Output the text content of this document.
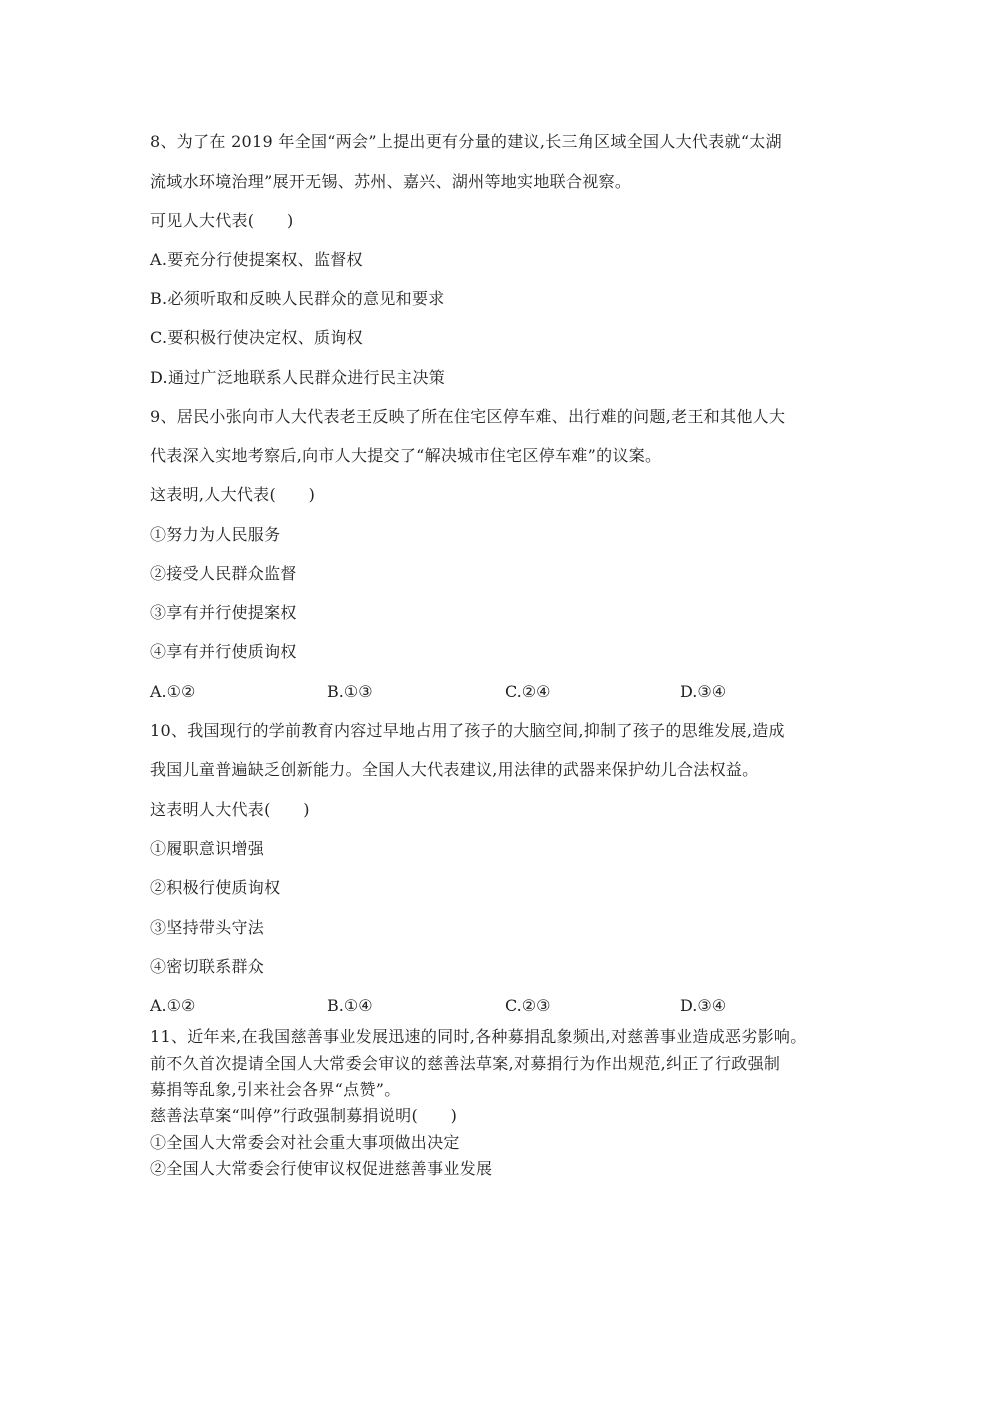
8、为了在 2019 年全国“两会”上提出更有分量的建议,长三角区域全国人大代表就“太湖
流域水环境治理”展开无锡、苏州、嘉兴、湖州等地实地联合视察。
可见人大代表(　　)
A.要充分行使提案权、监督权
B.必须听取和反映人民群众的意见和要求
C.要积极行使决定权、质询权
D.通过广泛地联系人民群众进行民主决策
9、居民小张向市人大代表老王反映了所在住宅区停车难、出行难的问题,老王和其他人大
代表深入实地考察后,向市人大提交了“解决城市住宅区停车难”的议案。
这表明,人大代表(　　)
①努力为人民服务
②接受人民群众监督
③享有并行使提案权
④享有并行使质询权
A.①②	B.①③	C.②④	D.③④
10、我国现行的学前教育内容过早地占用了孩子的大脑空间,抑制了孩子的思维发展,造成
我国儿童普遍缺乏创新能力。全国人大代表建议,用法律的武器来保护幼儿合法权益。
这表明人大代表(　　)
①履职意识增强
②积极行使质询权
③坚持带头守法
④密切联系群众
A.①②	B.①④	C.②③	D.③④
11、近年来,在我国慈善事业发展迅速的同时,各种募捐乱象频出,对慈善事业造成恶劣影响。
前不久首次提请全国人大常委会审议的慈善法草案,对募捐行为作出规范,纠正了行政强制
募捐等乱象,引来社会各界“点赞”。
慈善法草案“叫停”行政强制募捐说明(　　)
①全国人大常委会对社会重大事项做出决定
②全国人大常委会行使审议权促进慈善事业发展
